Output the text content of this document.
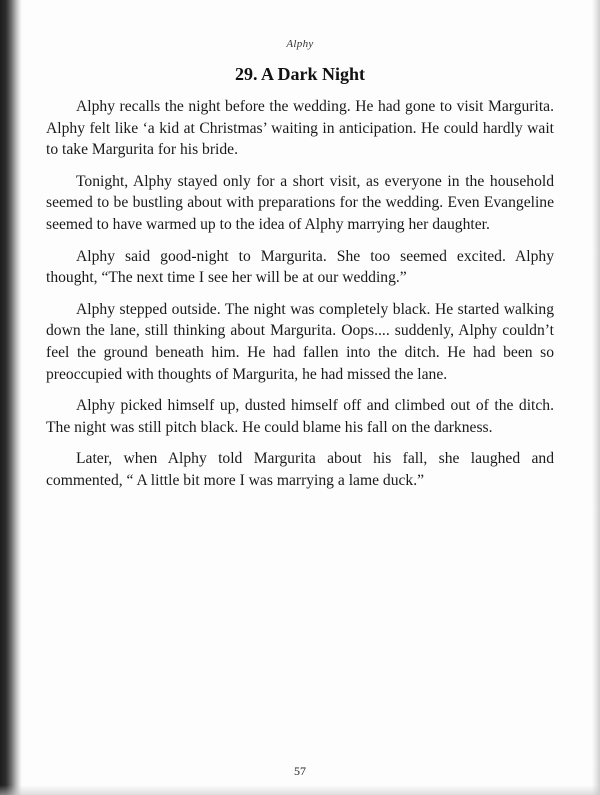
Alphy
29. A Dark Night

Alphy recalls the night before the wedding. He had gone to visit Margurita. Alphy felt like ‘a kid at Christmas’ waiting in anticipation. He could hardly wait to take Margurita for his bride.

Tonight, Alphy stayed only for a short visit, as everyone in the household seemed to be bustling about with preparations for the wedding. Even Evangeline seemed to have warmed up to the idea of Alphy marrying her daughter.

Alphy said good-night to Margurita. She too seemed excited. Alphy thought, “The next time I see her will be at our wedding.”

Alphy stepped outside. The night was completely black. He started walking down the lane, still thinking about Margurita. Oops.... suddenly, Alphy couldn’t feel the ground beneath him. He had fallen into the ditch. He had been so preoccupied with thoughts of Margurita, he had missed the lane.

Alphy picked himself up, dusted himself off and climbed out of the ditch. The night was still pitch black. He could blame his fall on the darkness.

Later, when Alphy told Margurita about his fall, she laughed and commented, “ A little bit more I was marrying a lame duck.”

57
